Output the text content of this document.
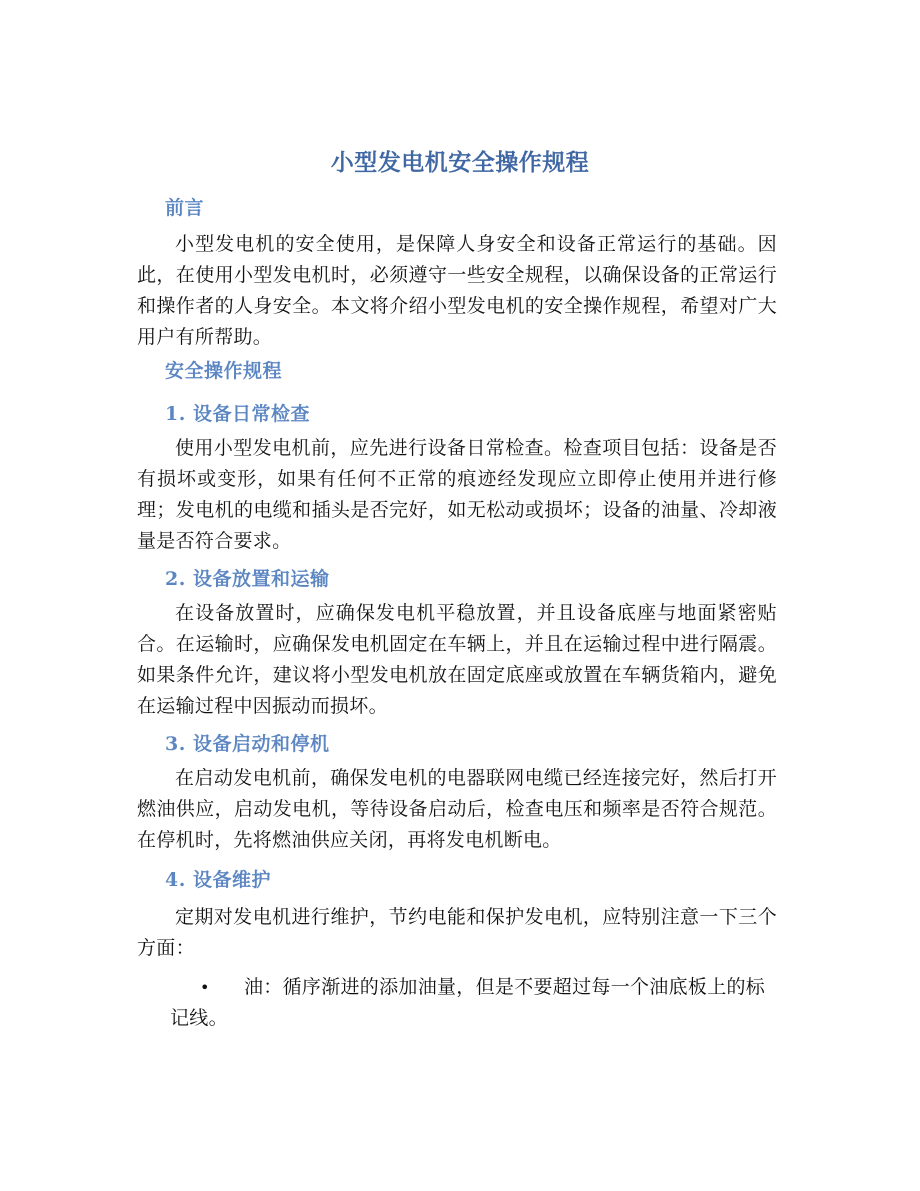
小型发电机安全操作规程
前言
小型发电机的安全使用，是保障人身安全和设备正常运行的基础。因此，在使用小型发电机时，必须遵守一些安全规程，以确保设备的正常运行和操作者的人身安全。本文将介绍小型发电机的安全操作规程，希望对广大用户有所帮助。
安全操作规程
1. 设备日常检查
使用小型发电机前，应先进行设备日常检查。检查项目包括：设备是否有损坏或变形，如果有任何不正常的痕迹经发现应立即停止使用并进行修理；发电机的电缆和插头是否完好，如无松动或损坏；设备的油量、冷却液量是否符合要求。
2. 设备放置和运输
在设备放置时，应确保发电机平稳放置，并且设备底座与地面紧密贴合。在运输时，应确保发电机固定在车辆上，并且在运输过程中进行隔震。如果条件允许，建议将小型发电机放在固定底座或放置在车辆货箱内，避免在运输过程中因振动而损坏。
3. 设备启动和停机
在启动发电机前，确保发电机的电器联网电缆已经连接完好，然后打开燃油供应，启动发电机，等待设备启动后，检查电压和频率是否符合规范。在停机时，先将燃油供应关闭，再将发电机断电。
4. 设备维护
定期对发电机进行维护，节约电能和保护发电机，应特别注意一下三个方面：
•	油：循序渐进的添加油量，但是不要超过每一个油底板上的标记线。
